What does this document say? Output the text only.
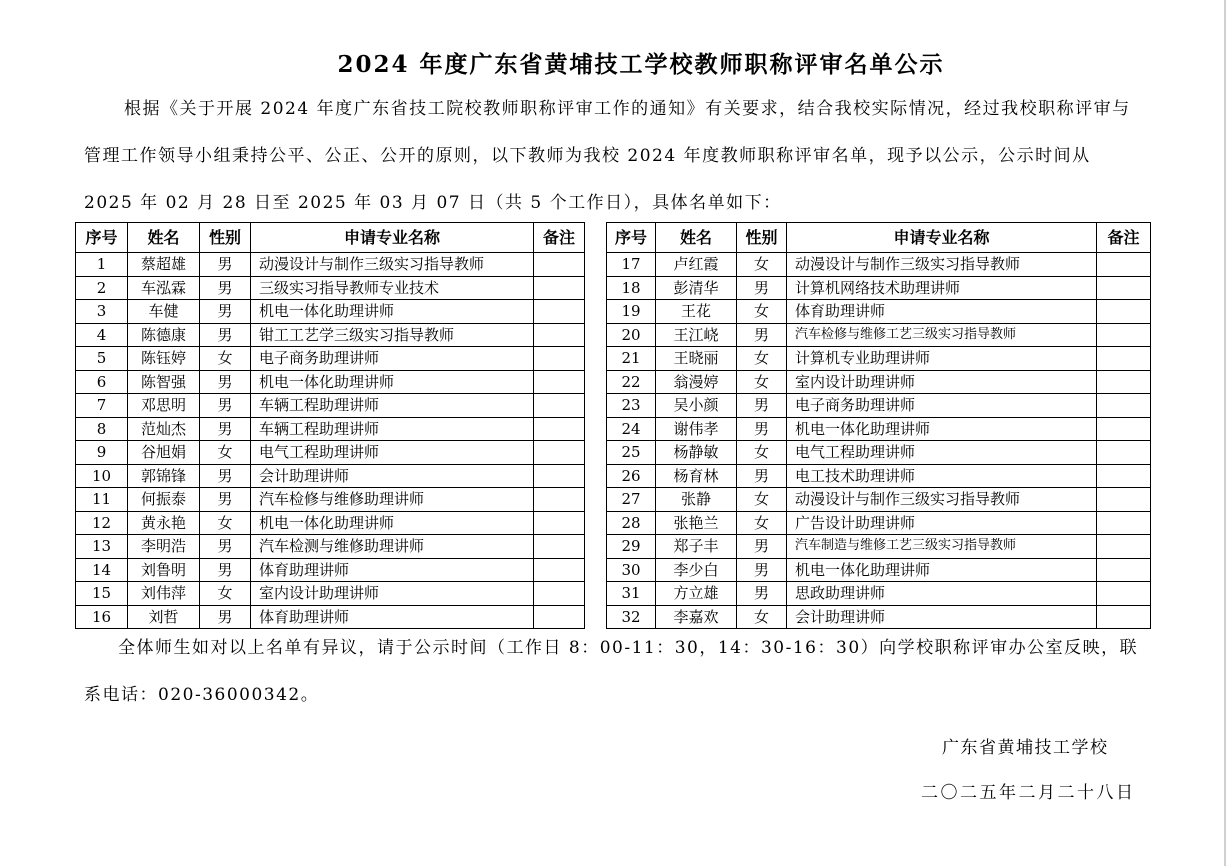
2024 年度广东省黄埔技工学校教师职称评审名单公示
根据《关于开展 2024 年度广东省技工院校教师职称评审工作的通知》有关要求，结合我校实际情况，经过我校职称评审与管理工作领导小组秉持公平、公正、公开的原则，以下教师为我校 2024 年度教师职称评审名单，现予以公示，公示时间从 2025 年 02 月 28 日至 2025 年 03 月 07 日（共 5 个工作日），具体名单如下：
序号	姓名	性别	申请专业名称	备注
1	蔡超雄	男	动漫设计与制作三级实习指导教师	
2	车泓霖	男	三级实习指导教师专业技术	
3	车健	男	机电一体化助理讲师	
4	陈德康	男	钳工工艺学三级实习指导教师	
5	陈钰婷	女	电子商务助理讲师	
6	陈智强	男	机电一体化助理讲师	
7	邓思明	男	车辆工程助理讲师	
8	范灿杰	男	车辆工程助理讲师	
9	谷旭娟	女	电气工程助理讲师	
10	郭锦锋	男	会计助理讲师	
11	何振泰	男	汽车检修与维修助理讲师	
12	黄永艳	女	机电一体化助理讲师	
13	李明浩	男	汽车检测与维修助理讲师	
14	刘鲁明	男	体育助理讲师	
15	刘伟萍	女	室内设计助理讲师	
16	刘哲	男	体育助理讲师	
序号	姓名	性别	申请专业名称	备注
17	卢红霞	女	动漫设计与制作三级实习指导教师	
18	彭清华	男	计算机网络技术助理讲师	
19	王花	女	体育助理讲师	
20	王江峣	男	汽车检修与维修工艺三级实习指导教师	
21	王晓丽	女	计算机专业助理讲师	
22	翁漫婷	女	室内设计助理讲师	
23	吴小颜	男	电子商务助理讲师	
24	谢伟孝	男	机电一体化助理讲师	
25	杨静敏	女	电气工程助理讲师	
26	杨育林	男	电工技术助理讲师	
27	张静	女	动漫设计与制作三级实习指导教师	
28	张艳兰	女	广告设计助理讲师	
29	郑子丰	男	汽车制造与维修工艺三级实习指导教师	
30	李少白	男	机电一体化助理讲师	
31	方立雄	男	思政助理讲师	
32	李嘉欢	女	会计助理讲师	
全体师生如对以上名单有异议，请于公示时间（工作日 8：00-11：30，14：30-16：30）向学校职称评审办公室反映，联系电话：020-36000342。
广东省黄埔技工学校
二〇二五年二月二十八日
